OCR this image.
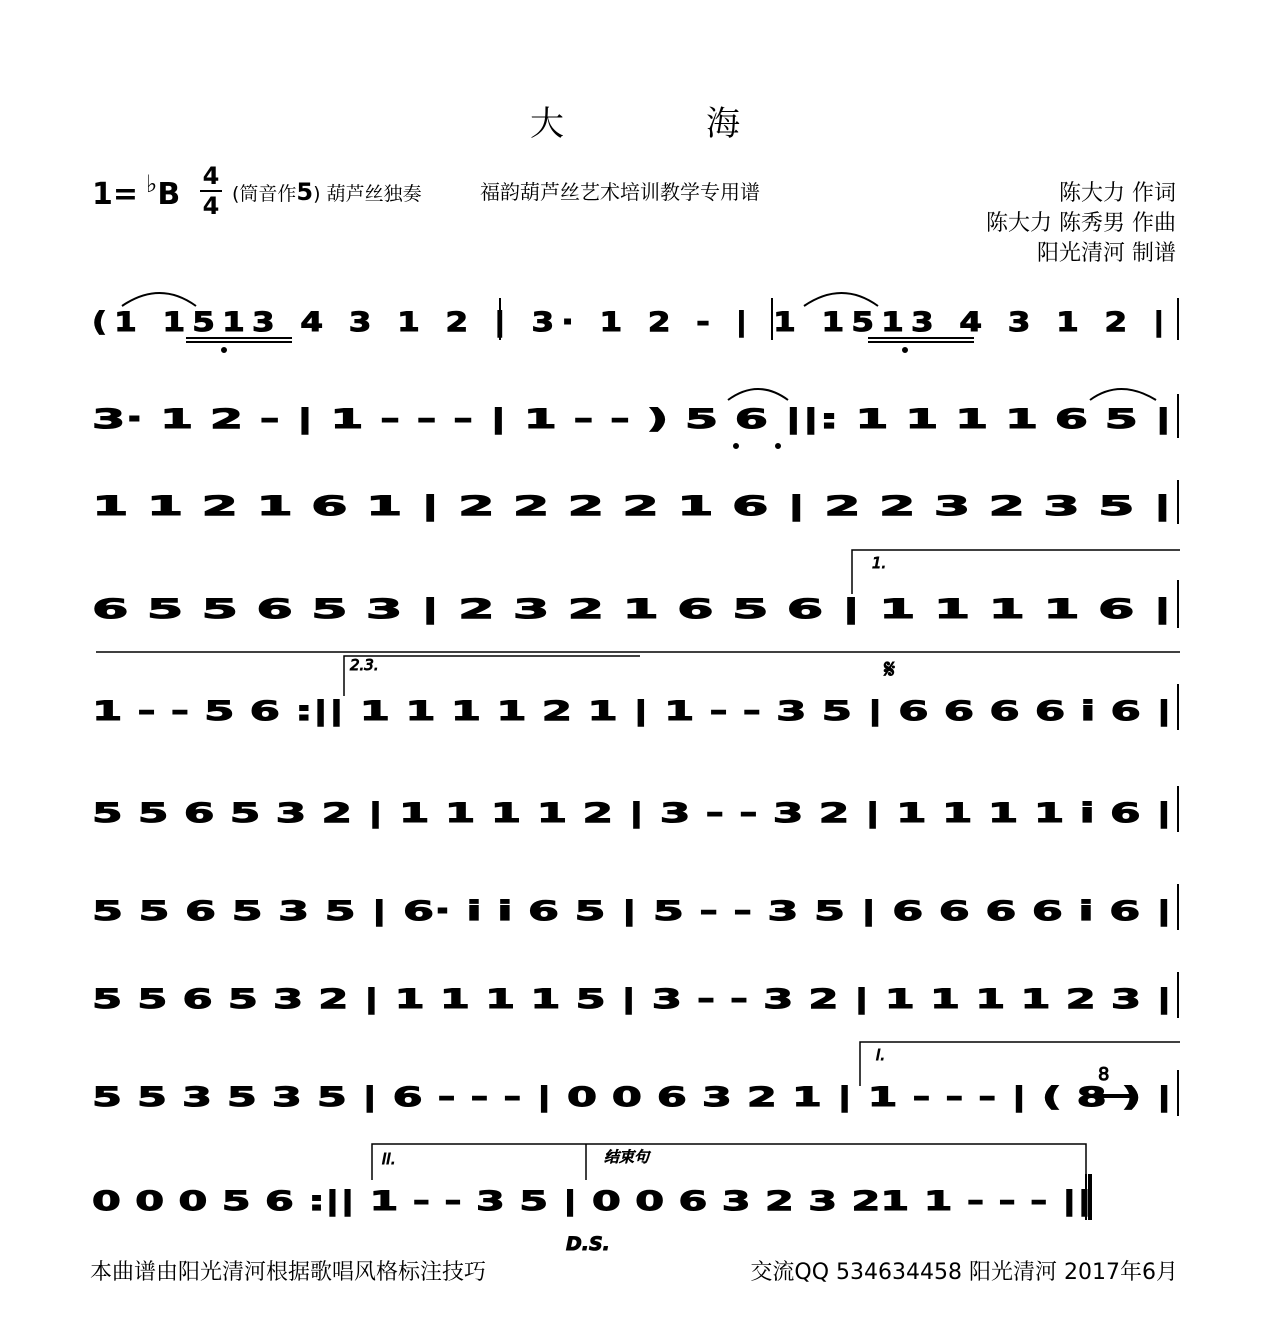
大	海
1= ♭B
4
4 (筒音作5) 葫芦丝独奏	福韵葫芦丝艺术培训教学专用谱	陈大力 作词
陈大力 陈秀男 作曲
阳光清河 制谱
(1 1513 4 3 1 2 | 3· 1 2 - | 1 1513 4 3 1 2 |
3· 1 2 - | 1 - - - | 1 - - ) 5 6 ||: 1 1 1 1 6 5 |
1 1 2 1 6 1 | 2 2 2 2 1 6 | 2 2 3 2 3 5 |
6 5 5 6 5 3 | 2 3 2 1 6 5 6 | 1 1 1 1 6 |
1.
1 - - 5 6 :|| 1 1 1 1 2 1 | 1 - - 3 5 | 6 6 6 6 i 6 |
2.3.	𝄋
5 5 6 5 3 2 | 1 1 1 1 2 | 3 - - 3 2 | 1 1 1 1 i 6 |
5 5 6 5 3 5 | 6· i i 6 5 | 5 - - 3 5 | 6 6 6 6 i 6 |
5 5 6 5 3 2 | 1 1 1 1 5 | 3 - - 3 2 | 1 1 1 1 2 3 |
5 5 3 5 3 5 | 6 - - - | 0 0 6 3 2 1 | 1 - - - | ( 8 ) |
I.
8
0 0 0 5 6 :|| 1 - - 3 5 | 0 0 6 3 2 3 21 1 - - - ||
II.	结束句
D.S.
本曲谱由阳光清河根据歌唱风格标注技巧	交流QQ 534634458 阳光清河 2017年6月
